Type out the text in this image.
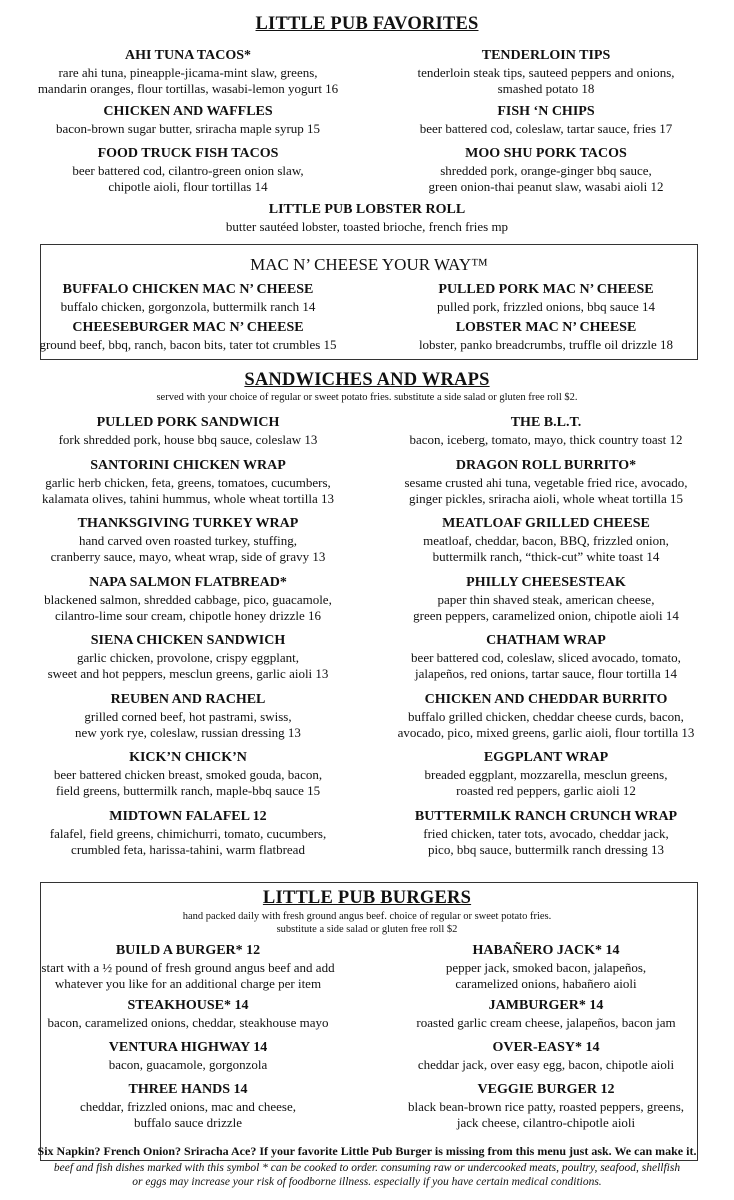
LITTLE PUB FAVORITES
AHI TUNA TACOS*
rare ahi tuna, pineapple-jicama-mint slaw, greens,
mandarin oranges, flour tortillas, wasabi-lemon yogurt 16
TENDERLOIN TIPS
tenderloin steak tips, sauteed peppers and onions,
smashed potato 18
CHICKEN AND WAFFLES
bacon-brown sugar butter, sriracha maple syrup 15
FISH ‘N CHIPS
beer battered cod, coleslaw, tartar sauce, fries 17
FOOD TRUCK FISH TACOS
beer battered cod, cilantro-green onion slaw,
chipotle aioli, flour tortillas 14
MOO SHU PORK TACOS
shredded pork, orange-ginger bbq sauce,
green onion-thai peanut slaw, wasabi aioli 12
LITTLE PUB LOBSTER ROLL
butter sautéed lobster, toasted brioche, french fries mp
MAC N’ CHEESE YOUR WAY™
BUFFALO CHICKEN MAC N’ CHEESE
buffalo chicken, gorgonzola, buttermilk ranch 14
PULLED PORK MAC N’ CHEESE
pulled pork, frizzled onions, bbq sauce 14
CHEESEBURGER MAC N’ CHEESE
ground beef, bbq, ranch, bacon bits, tater tot crumbles 15
LOBSTER MAC N’ CHEESE
lobster, panko breadcrumbs, truffle oil drizzle 18
SANDWICHES AND WRAPS
served with your choice of regular or sweet potato fries. substitute a side salad or gluten free roll $2.
PULLED PORK SANDWICH
fork shredded pork, house bbq sauce, coleslaw 13
THE B.L.T.
bacon, iceberg, tomato, mayo, thick country toast 12
SANTORINI CHICKEN WRAP
garlic herb chicken, feta, greens, tomatoes, cucumbers,
kalamata olives, tahini hummus, whole wheat tortilla 13
DRAGON ROLL BURRITO*
sesame crusted ahi tuna, vegetable fried rice, avocado,
ginger pickles, sriracha aioli, whole wheat tortilla 15
THANKSGIVING TURKEY WRAP
hand carved oven roasted turkey, stuffing,
cranberry sauce, mayo, wheat wrap, side of gravy 13
MEATLOAF GRILLED CHEESE
meatloaf, cheddar, bacon, BBQ, frizzled onion,
buttermilk ranch, “thick-cut” white toast 14
NAPA SALMON FLATBREAD*
blackened salmon, shredded cabbage, pico, guacamole,
cilantro-lime sour cream, chipotle honey drizzle 16
PHILLY CHEESESTEAK
paper thin shaved steak, american cheese,
green peppers, caramelized onion, chipotle aioli 14
SIENA CHICKEN SANDWICH
garlic chicken, provolone, crispy eggplant,
sweet and hot peppers, mesclun greens, garlic aioli 13
CHATHAM WRAP
beer battered cod, coleslaw, sliced avocado, tomato,
jalapeños, red onions, tartar sauce, flour tortilla 14
REUBEN AND RACHEL
grilled corned beef, hot pastrami, swiss,
new york rye, coleslaw, russian dressing 13
CHICKEN AND CHEDDAR BURRITO
buffalo grilled chicken, cheddar cheese curds, bacon,
avocado, pico, mixed greens, garlic aioli, flour tortilla 13
KICK’N CHICK’N
beer battered chicken breast, smoked gouda, bacon,
field greens, buttermilk ranch, maple-bbq sauce 15
EGGPLANT WRAP
breaded eggplant, mozzarella, mesclun greens,
roasted red peppers, garlic aioli 12
MIDTOWN FALAFEL 12
falafel, field greens, chimichurri, tomato, cucumbers,
crumbled feta, harissa-tahini, warm flatbread
BUTTERMILK RANCH CRUNCH WRAP
fried chicken, tater tots, avocado, cheddar jack,
pico, bbq sauce, buttermilk ranch dressing 13
LITTLE PUB BURGERS
hand packed daily with fresh ground angus beef. choice of regular or sweet potato fries.
substitute a side salad or gluten free roll $2
BUILD A BURGER* 12
start with a ½ pound of fresh ground angus beef and add
whatever you like for an additional charge per item
HABAÑERO JACK* 14
pepper jack, smoked bacon, jalapeños,
caramelized onions, habañero aioli
STEAKHOUSE* 14
bacon, caramelized onions, cheddar, steakhouse mayo
JAMBURGER* 14
roasted garlic cream cheese, jalapeños, bacon jam
VENTURA HIGHWAY 14
bacon, guacamole, gorgonzola
OVER-EASY* 14
cheddar jack, over easy egg, bacon, chipotle aioli
THREE HANDS 14
cheddar, frizzled onions, mac and cheese,
buffalo sauce drizzle
VEGGIE BURGER 12
black bean-brown rice patty, roasted peppers, greens,
jack cheese, cilantro-chipotle aioli
Six Napkin? French Onion? Sriracha Ace? If your favorite Little Pub Burger is missing from this menu just ask. We can make it.
beef and fish dishes marked with this symbol * can be cooked to order. consuming raw or undercooked meats, poultry, seafood, shellfish
or eggs may increase your risk of foodborne illness. especially if you have certain medical conditions.
